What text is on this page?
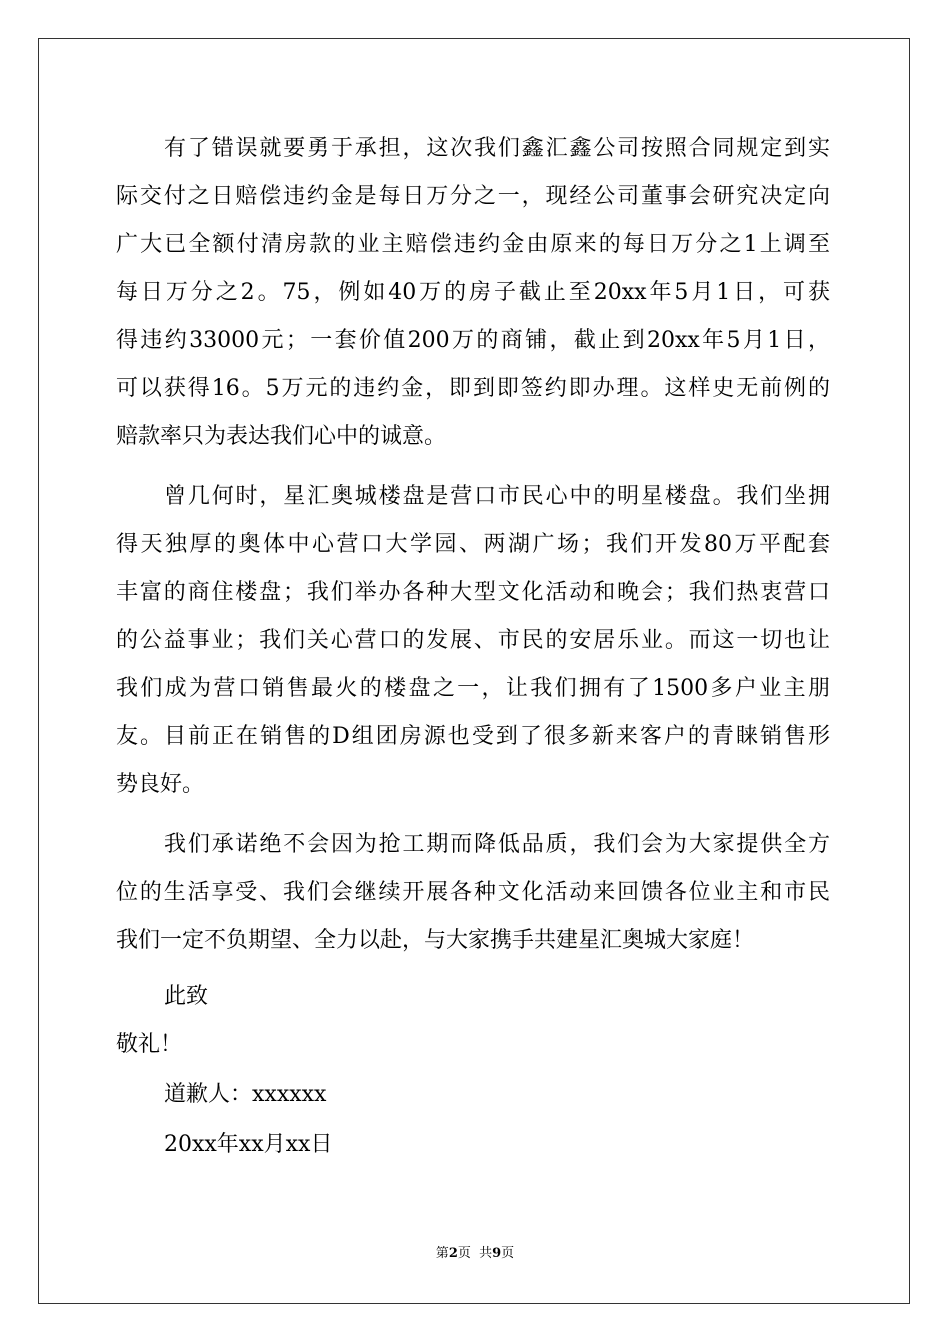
有了错误就要勇于承担，这次我们鑫汇鑫公司按照合同规定到实
际交付之日赔偿违约金是每日万分之一，现经公司董事会研究决定向
广大已全额付清房款的业主赔偿违约金由原来的每日万分之1上调至
每日万分之2。75，例如40万的房子截止至20xx年5月1日，可获
得违约33000元；一套价值200万的商铺，截止到20xx年5月1日，
可以获得16。5万元的违约金，即到即签约即办理。这样史无前例的
赔款率只为表达我们心中的诚意。
曾几何时，星汇奥城楼盘是营口市民心中的明星楼盘。我们坐拥
得天独厚的奥体中心营口大学园、两湖广场；我们开发80万平配套
丰富的商住楼盘；我们举办各种大型文化活动和晚会；我们热衷营口
的公益事业；我们关心营口的发展、市民的安居乐业。而这一切也让
我们成为营口销售最火的楼盘之一，让我们拥有了1500多户业主朋
友。目前正在销售的D组团房源也受到了很多新来客户的青睐销售形
势良好。
我们承诺绝不会因为抢工期而降低品质，我们会为大家提供全方
位的生活享受、我们会继续开展各种文化活动来回馈各位业主和市民
我们一定不负期望、全力以赴，与大家携手共建星汇奥城大家庭！
此致
敬礼！
道歉人：xxxxxx
20xx年xx月xx日
第2页  共9页
